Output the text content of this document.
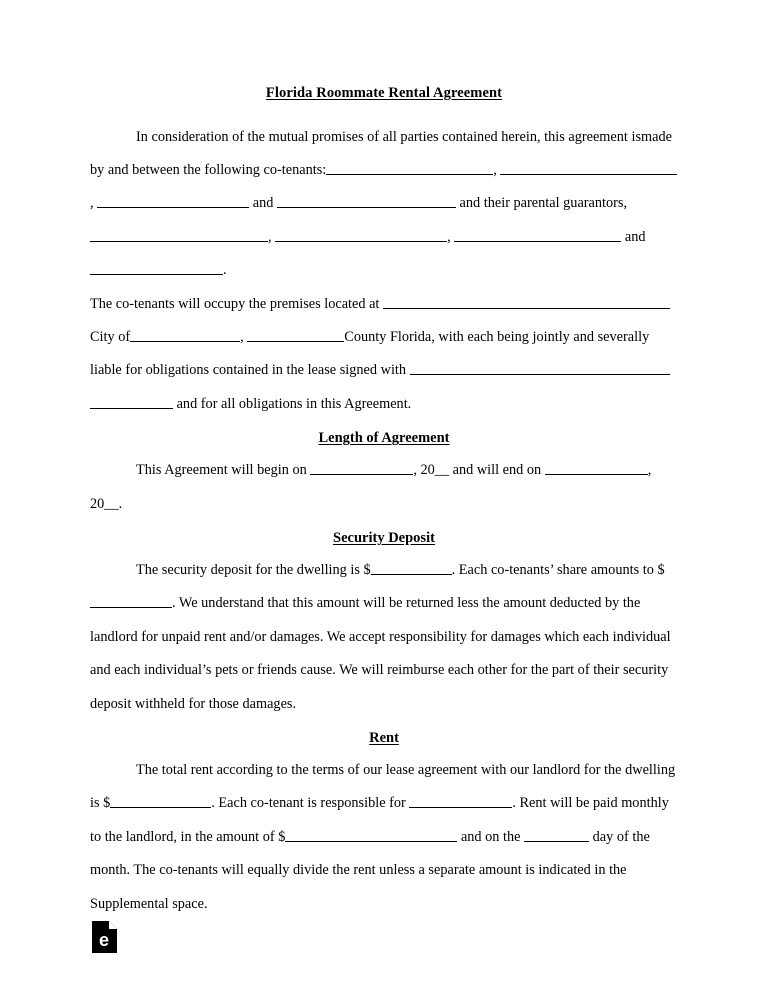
Florida Roommate Rental Agreement

In consideration of the mutual promises of all parties contained herein, this agreement ismade by and between the following co-tenants:	, ,	and	and their parental guarantors,,	,	and .

The co-tenants will occupy the premises located at  City of	,	County Florida, with each being jointly and severally liable for obligations contained in the lease signed with   and for all obligations in this Agreement.

Length of Agreement

This Agreement will begin on	, 20__ and will end on	, 20__.

Security Deposit

The security deposit for the dwelling is $	. Each co-tenants’ share amounts to $. We understand that this amount will be returned less the amount deducted by the landlord for unpaid rent and/or damages. We accept responsibility for damages which each individual and each individual’s pets or friends cause. We will reimburse each other for the part of their security deposit withheld for those damages.

Rent

The total rent according to the terms of our lease agreement with our landlord for the dwelling is $	. Each co-tenant is responsible for	. Rent will be paid monthly to the landlord, in the amount of $	and on the	day of the month. The co-tenants will equally divide the rent unless a separate amount is indicated in the Supplemental space.

e
